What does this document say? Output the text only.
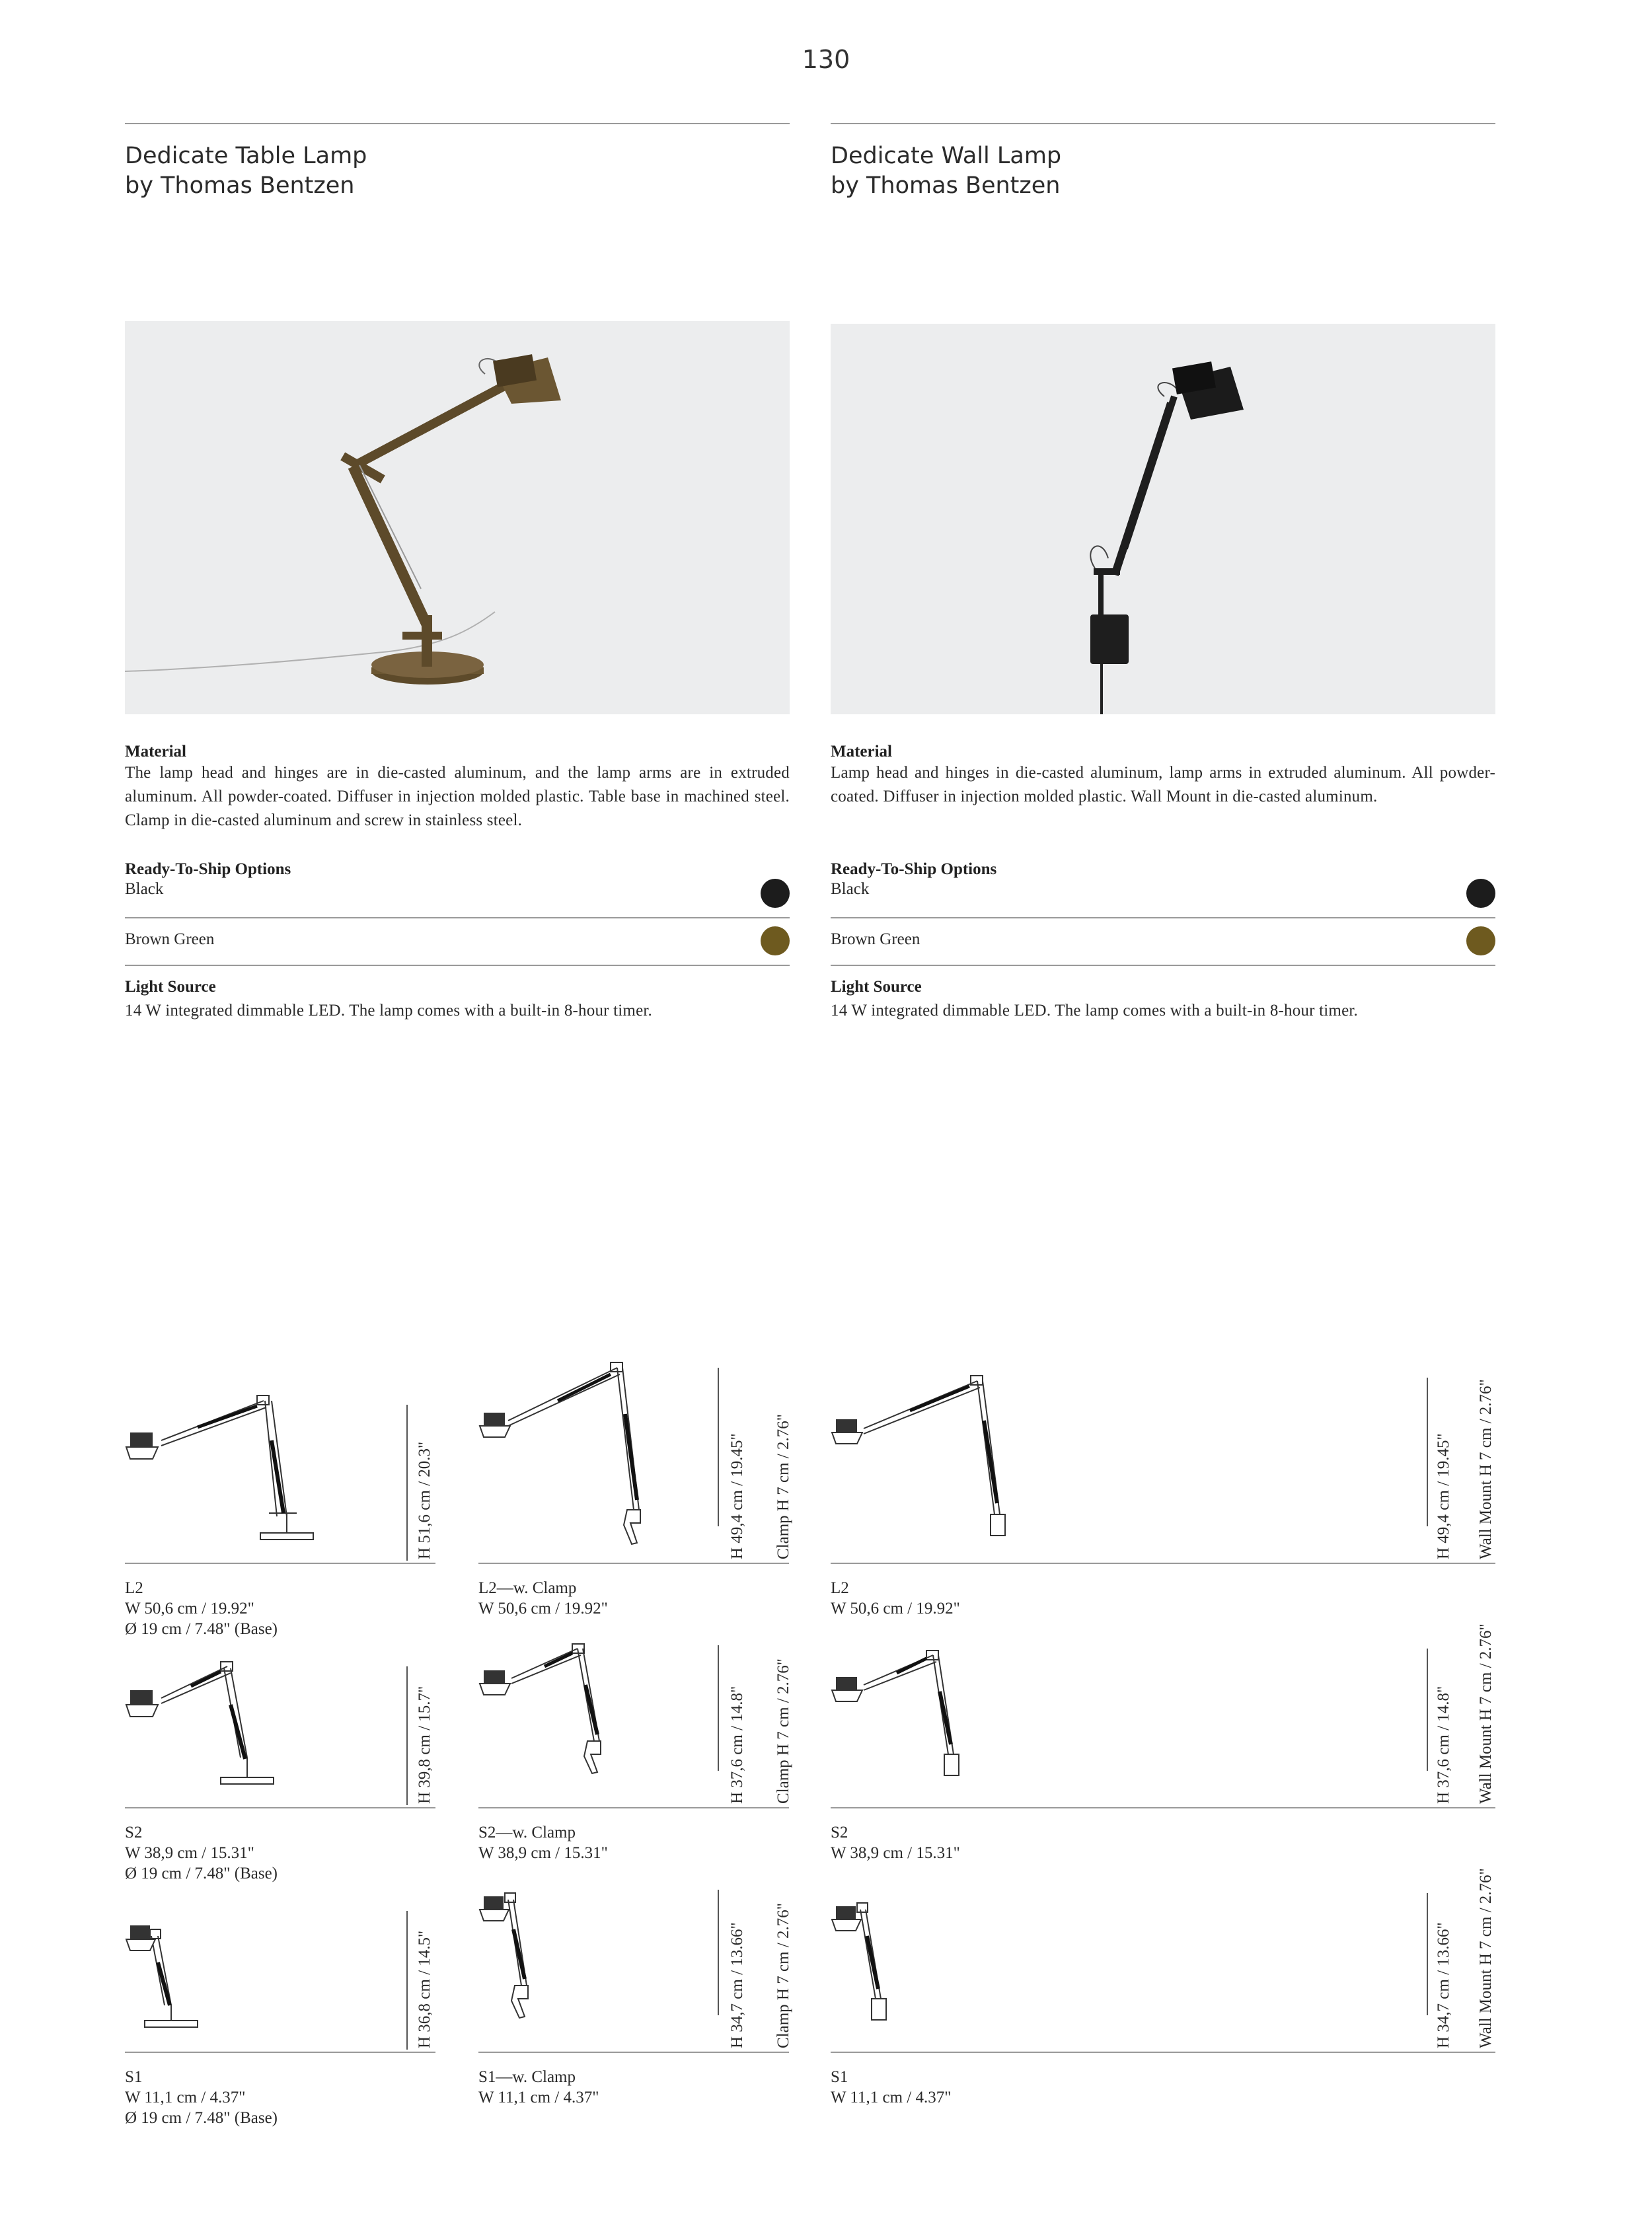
130
Dedicate Table Lamp
by Thomas Bentzen
Material
The lamp head and hinges are in die-casted aluminum, and the lamp arms are in extruded aluminum. All powder-coated. Diffuser in injection molded plastic. Table base in machined steel. Clamp in die-casted aluminum and screw in stainless steel.
Ready-To-Ship Options
Black
Brown Green
Light Source
14 W integrated dimmable LED. The lamp comes with a built-in 8-hour timer.
Dedicate Wall Lamp
by Thomas Bentzen
Material
Lamp head and hinges in die-casted aluminum, lamp arms in extruded aluminum. All powder-coated. Diffuser in injection molded plastic. Wall Mount in die-casted aluminum.
Ready-To-Ship Options
Black
Brown Green
Light Source
14 W integrated dimmable LED. The lamp comes with a built-in 8-hour timer.
H 51,6 cm / 20.3"
L2
W 50,6 cm / 19.92"
Ø 19 cm / 7.48" (Base)
H 39,8 cm / 15.7"
S2
W 38,9 cm / 15.31"
Ø 19 cm / 7.48" (Base)
H 36,8 cm / 14.5"
S1
W 11,1 cm / 4.37"
Ø 19 cm / 7.48" (Base)
H 49,4 cm / 19.45" Clamp H 7 cm / 2.76"
L2—w. Clamp
W 50,6 cm / 19.92"
H 37,6 cm / 14.8" Clamp H 7 cm / 2.76"
S2—w. Clamp
W 38,9 cm / 15.31"
H 34,7 cm / 13.66" Clamp H 7 cm / 2.76"
S1—w. Clamp
W 11,1 cm / 4.37"
H 49,4 cm / 19.45" Wall Mount H 7 cm / 2.76"
L2
W 50,6 cm / 19.92"
H 37,6 cm / 14.8" Wall Mount H 7 cm / 2.76"
S2
W 38,9 cm / 15.31"
H 34,7 cm / 13.66" Wall Mount H 7 cm / 2.76"
S1
W 11,1 cm / 4.37"
